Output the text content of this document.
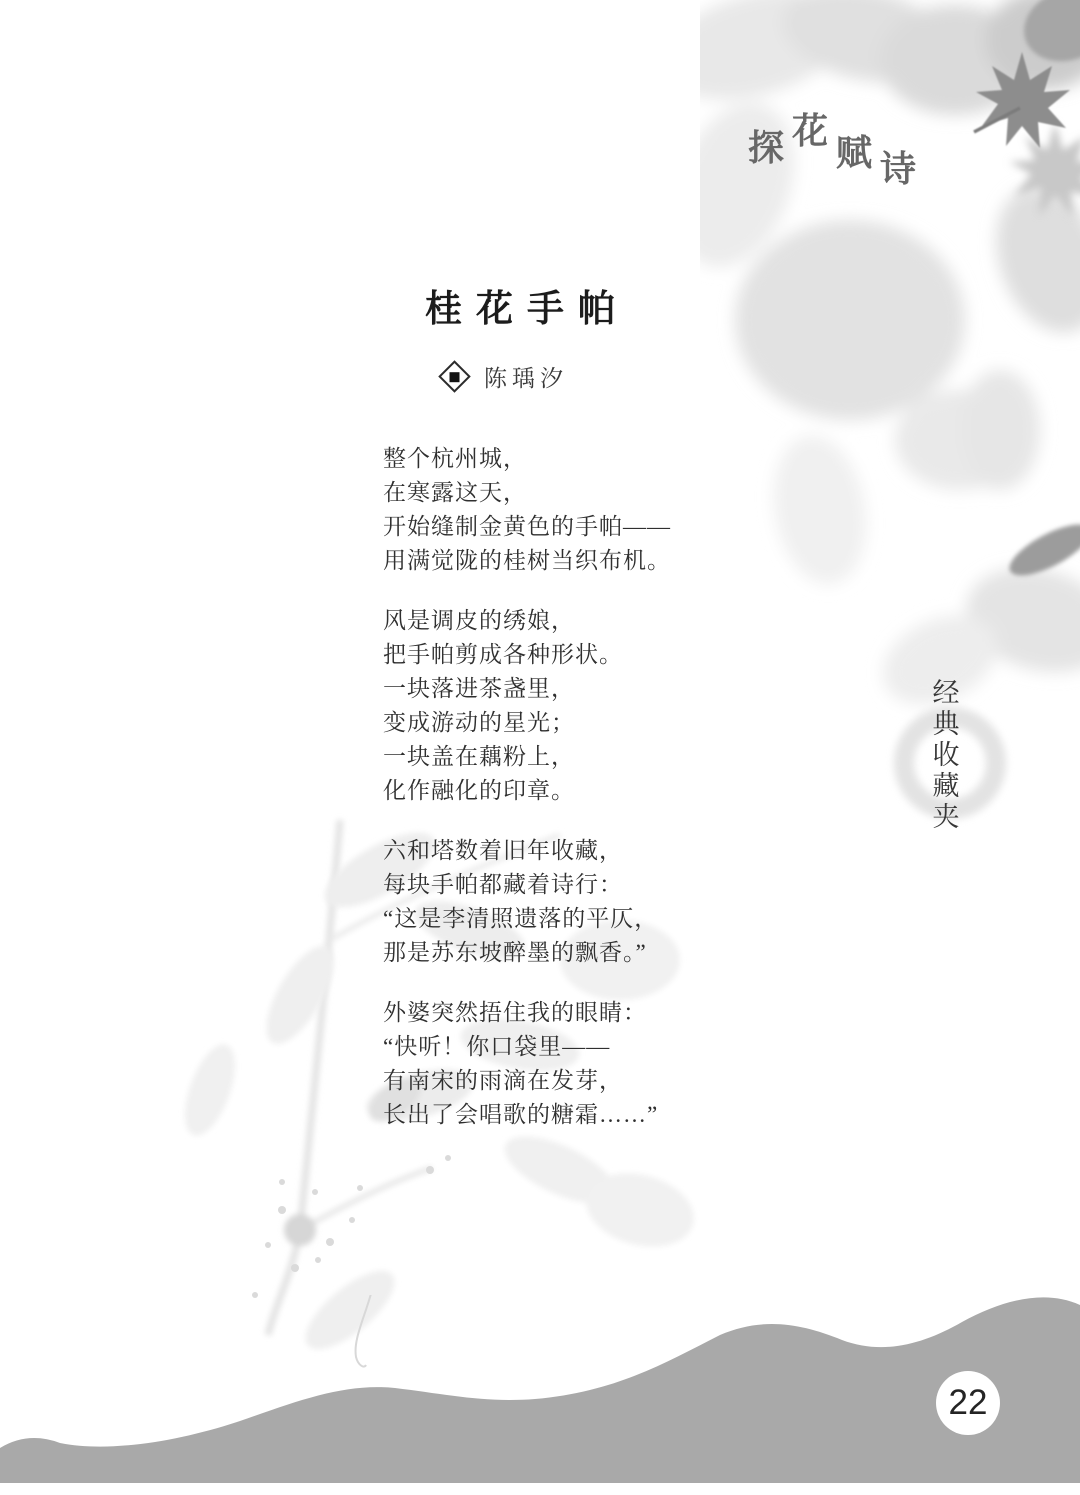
探 花赋 诗
桂花手帕
陈瑀汐
整个杭州城，
在寒露这天，
开始缝制金黄色的手帕——
用满觉陇的桂树当织布机。
风是调皮的绣娘，
把手帕剪成各种形状。
一块落进茶盏里，
变成游动的星光；
一块盖在藕粉上，
化作融化的印章。
六和塔数着旧年收藏，
每块手帕都藏着诗行：
“这是李清照遗落的平仄，
那是苏东坡醉墨的飘香。”
外婆突然捂住我的眼睛：
“快听！你口袋里——
有南宋的雨滴在发芽，
长出了会唱歌的糖霜……”
经
典
收
藏
夹
22
